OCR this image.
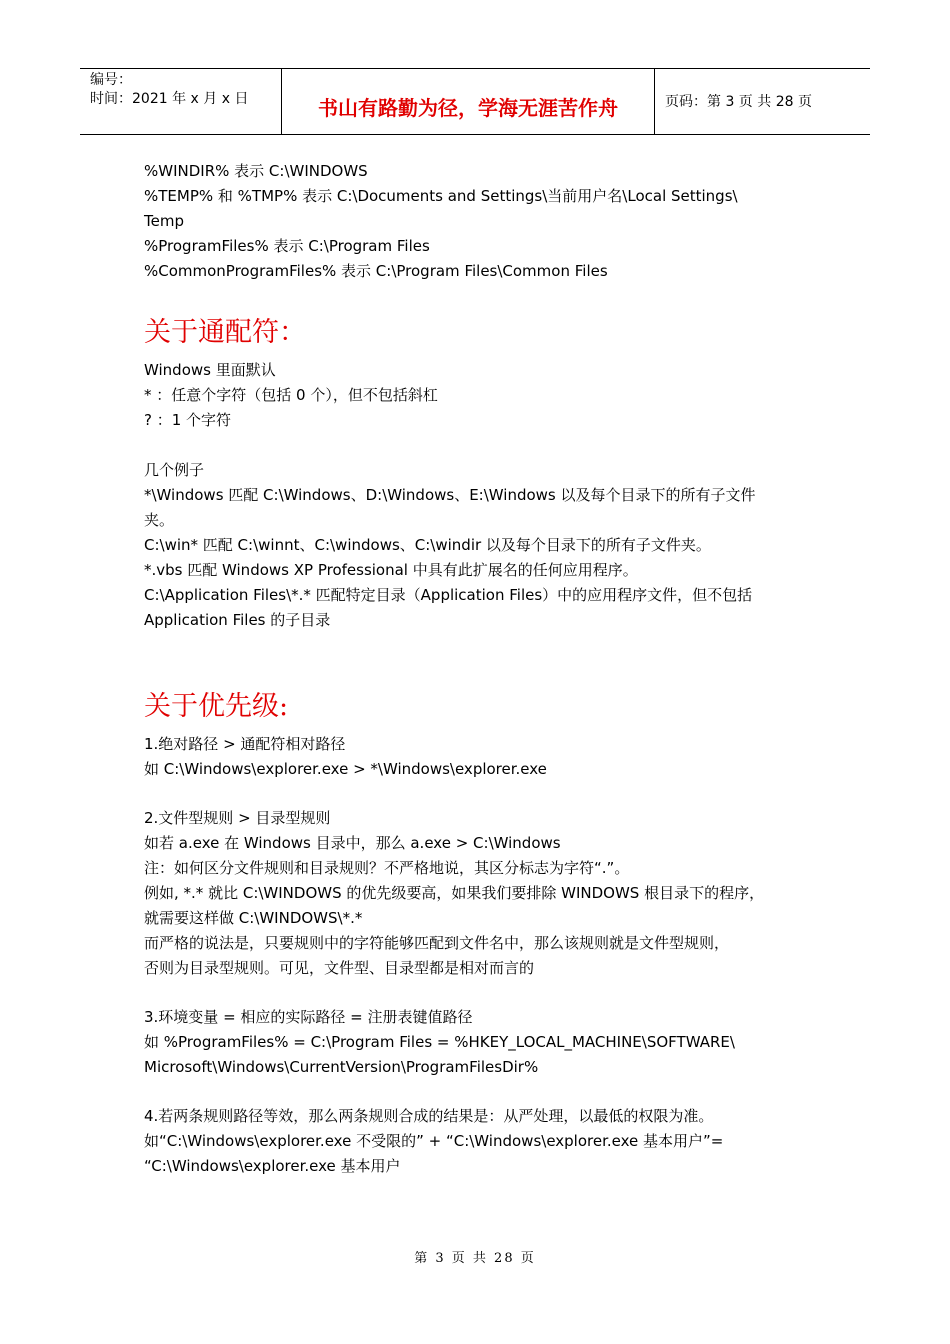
编号：
时间：2021 年 x 月 x 日	书山有路勤为径，学海无涯苦作舟	页码：第 3 页 共 28 页
%WINDIR% 表示 C:\WINDOWS
%TEMP% 和 %TMP% 表示 C:\Documents and Settings\当前用户名\Local Settings\
Temp
%ProgramFiles% 表示 C:\Program Files
%CommonProgramFiles% 表示 C:\Program Files\Common Files
关于通配符：
Windows 里面默认
* ：任意个字符（包括 0 个），但不包括斜杠
? ：1 个字符
几个例子
*\Windows 匹配 C:\Windows、D:\Windows、E:\Windows 以及每个目录下的所有子文件
夹。
C:\win* 匹配 C:\winnt、C:\windows、C:\windir 以及每个目录下的所有子文件夹。
*.vbs 匹配 Windows XP Professional 中具有此扩展名的任何应用程序。
C:\Application Files\*.* 匹配特定目录（Application Files）中的应用程序文件，但不包括
Application Files 的子目录
关于优先级:
1.绝对路径 > 通配符相对路径
如 C:\Windows\explorer.exe > *\Windows\explorer.exe
2.文件型规则 > 目录型规则
如若 a.exe 在 Windows 目录中，那么 a.exe > C:\Windows
注：如何区分文件规则和目录规则？不严格地说，其区分标志为字符“.”。
例如, *.* 就比 C:\WINDOWS 的优先级要高，如果我们要排除 WINDOWS 根目录下的程序，
就需要这样做 C:\WINDOWS\*.*
而严格的说法是，只要规则中的字符能够匹配到文件名中，那么该规则就是文件型规则，
否则为目录型规则。可见，文件型、目录型都是相对而言的
3.环境变量 = 相应的实际路径 = 注册表键值路径
如 %ProgramFiles% = C:\Program Files = %HKEY_LOCAL_MACHINE\SOFTWARE\
Microsoft\Windows\CurrentVersion\ProgramFilesDir%
4.若两条规则路径等效，那么两条规则合成的结果是：从严处理，以最低的权限为准。
如“C:\Windows\explorer.exe 不受限的” + “C:\Windows\explorer.exe 基本用户”=
“C:\Windows\explorer.exe 基本用户
第 3 页 共 28 页
